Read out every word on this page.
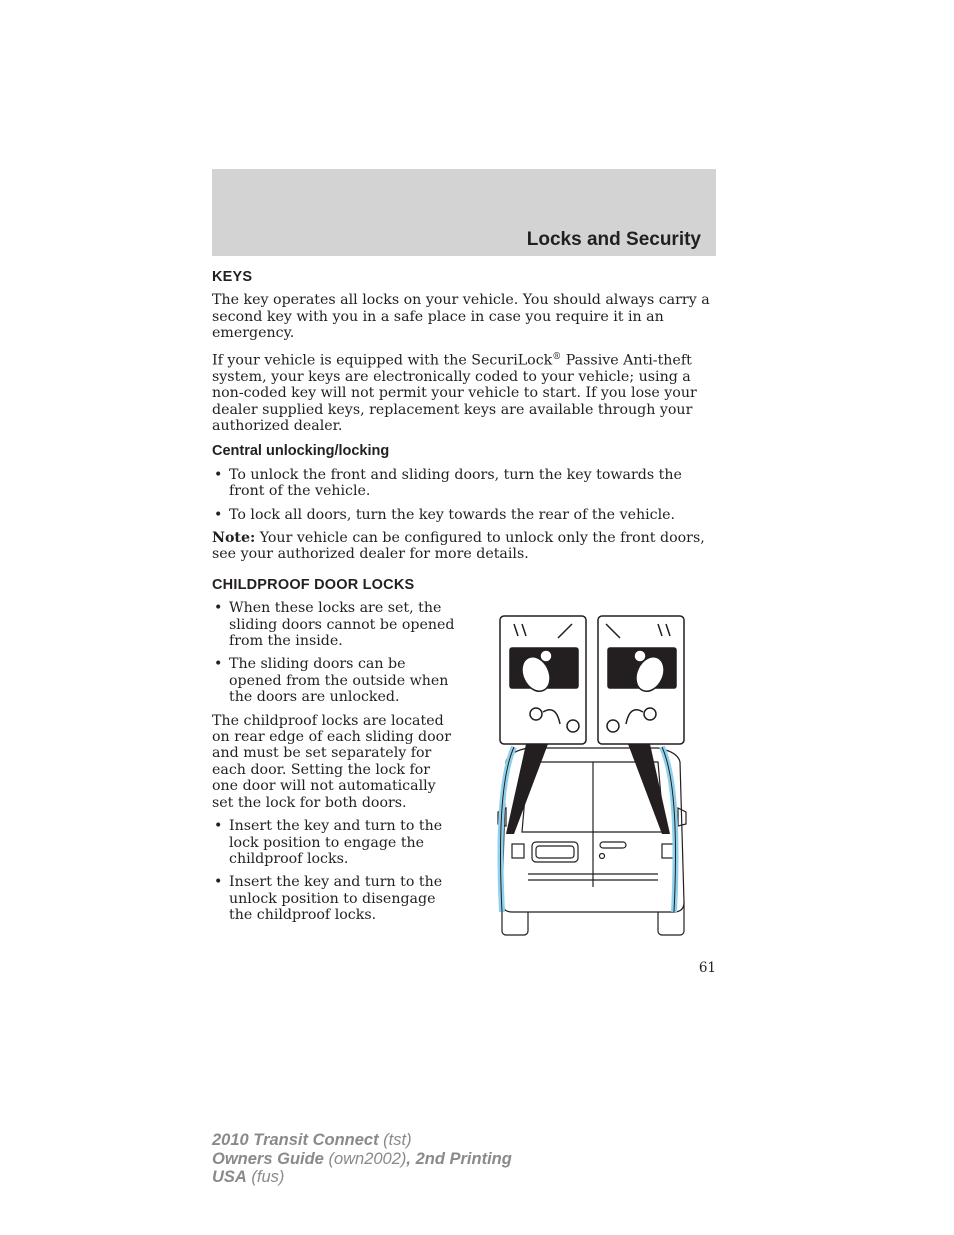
Locks and Security
KEYS

The key operates all locks on your vehicle. You should always carry a second key with you in a safe place in case you require it in an emergency.

If your vehicle is equipped with the SecuriLock® Passive Anti-theft system, your keys are electronically coded to your vehicle; using a non-coded key will not permit your vehicle to start. If you lose your dealer supplied keys, replacement keys are available through your authorized dealer.

Central unlocking/locking
• To unlock the front and sliding doors, turn the key towards the front of the vehicle.
• To lock all doors, turn the key towards the rear of the vehicle.

Note: Your vehicle can be configured to unlock only the front doors, see your authorized dealer for more details.

CHILDPROOF DOOR LOCKS
• When these locks are set, the sliding doors cannot be opened from the inside.
• The sliding doors can be opened from the outside when the doors are unlocked.

The childproof locks are located on rear edge of each sliding door and must be set separately for each door. Setting the lock for one door will not automatically set the lock for both doors.

• Insert the key and turn to the lock position to engage the childproof locks.
• Insert the key and turn to the unlock position to disengage the childproof locks.
61
2010 Transit Connect (tst)
Owners Guide (own2002), 2nd Printing
USA (fus)
